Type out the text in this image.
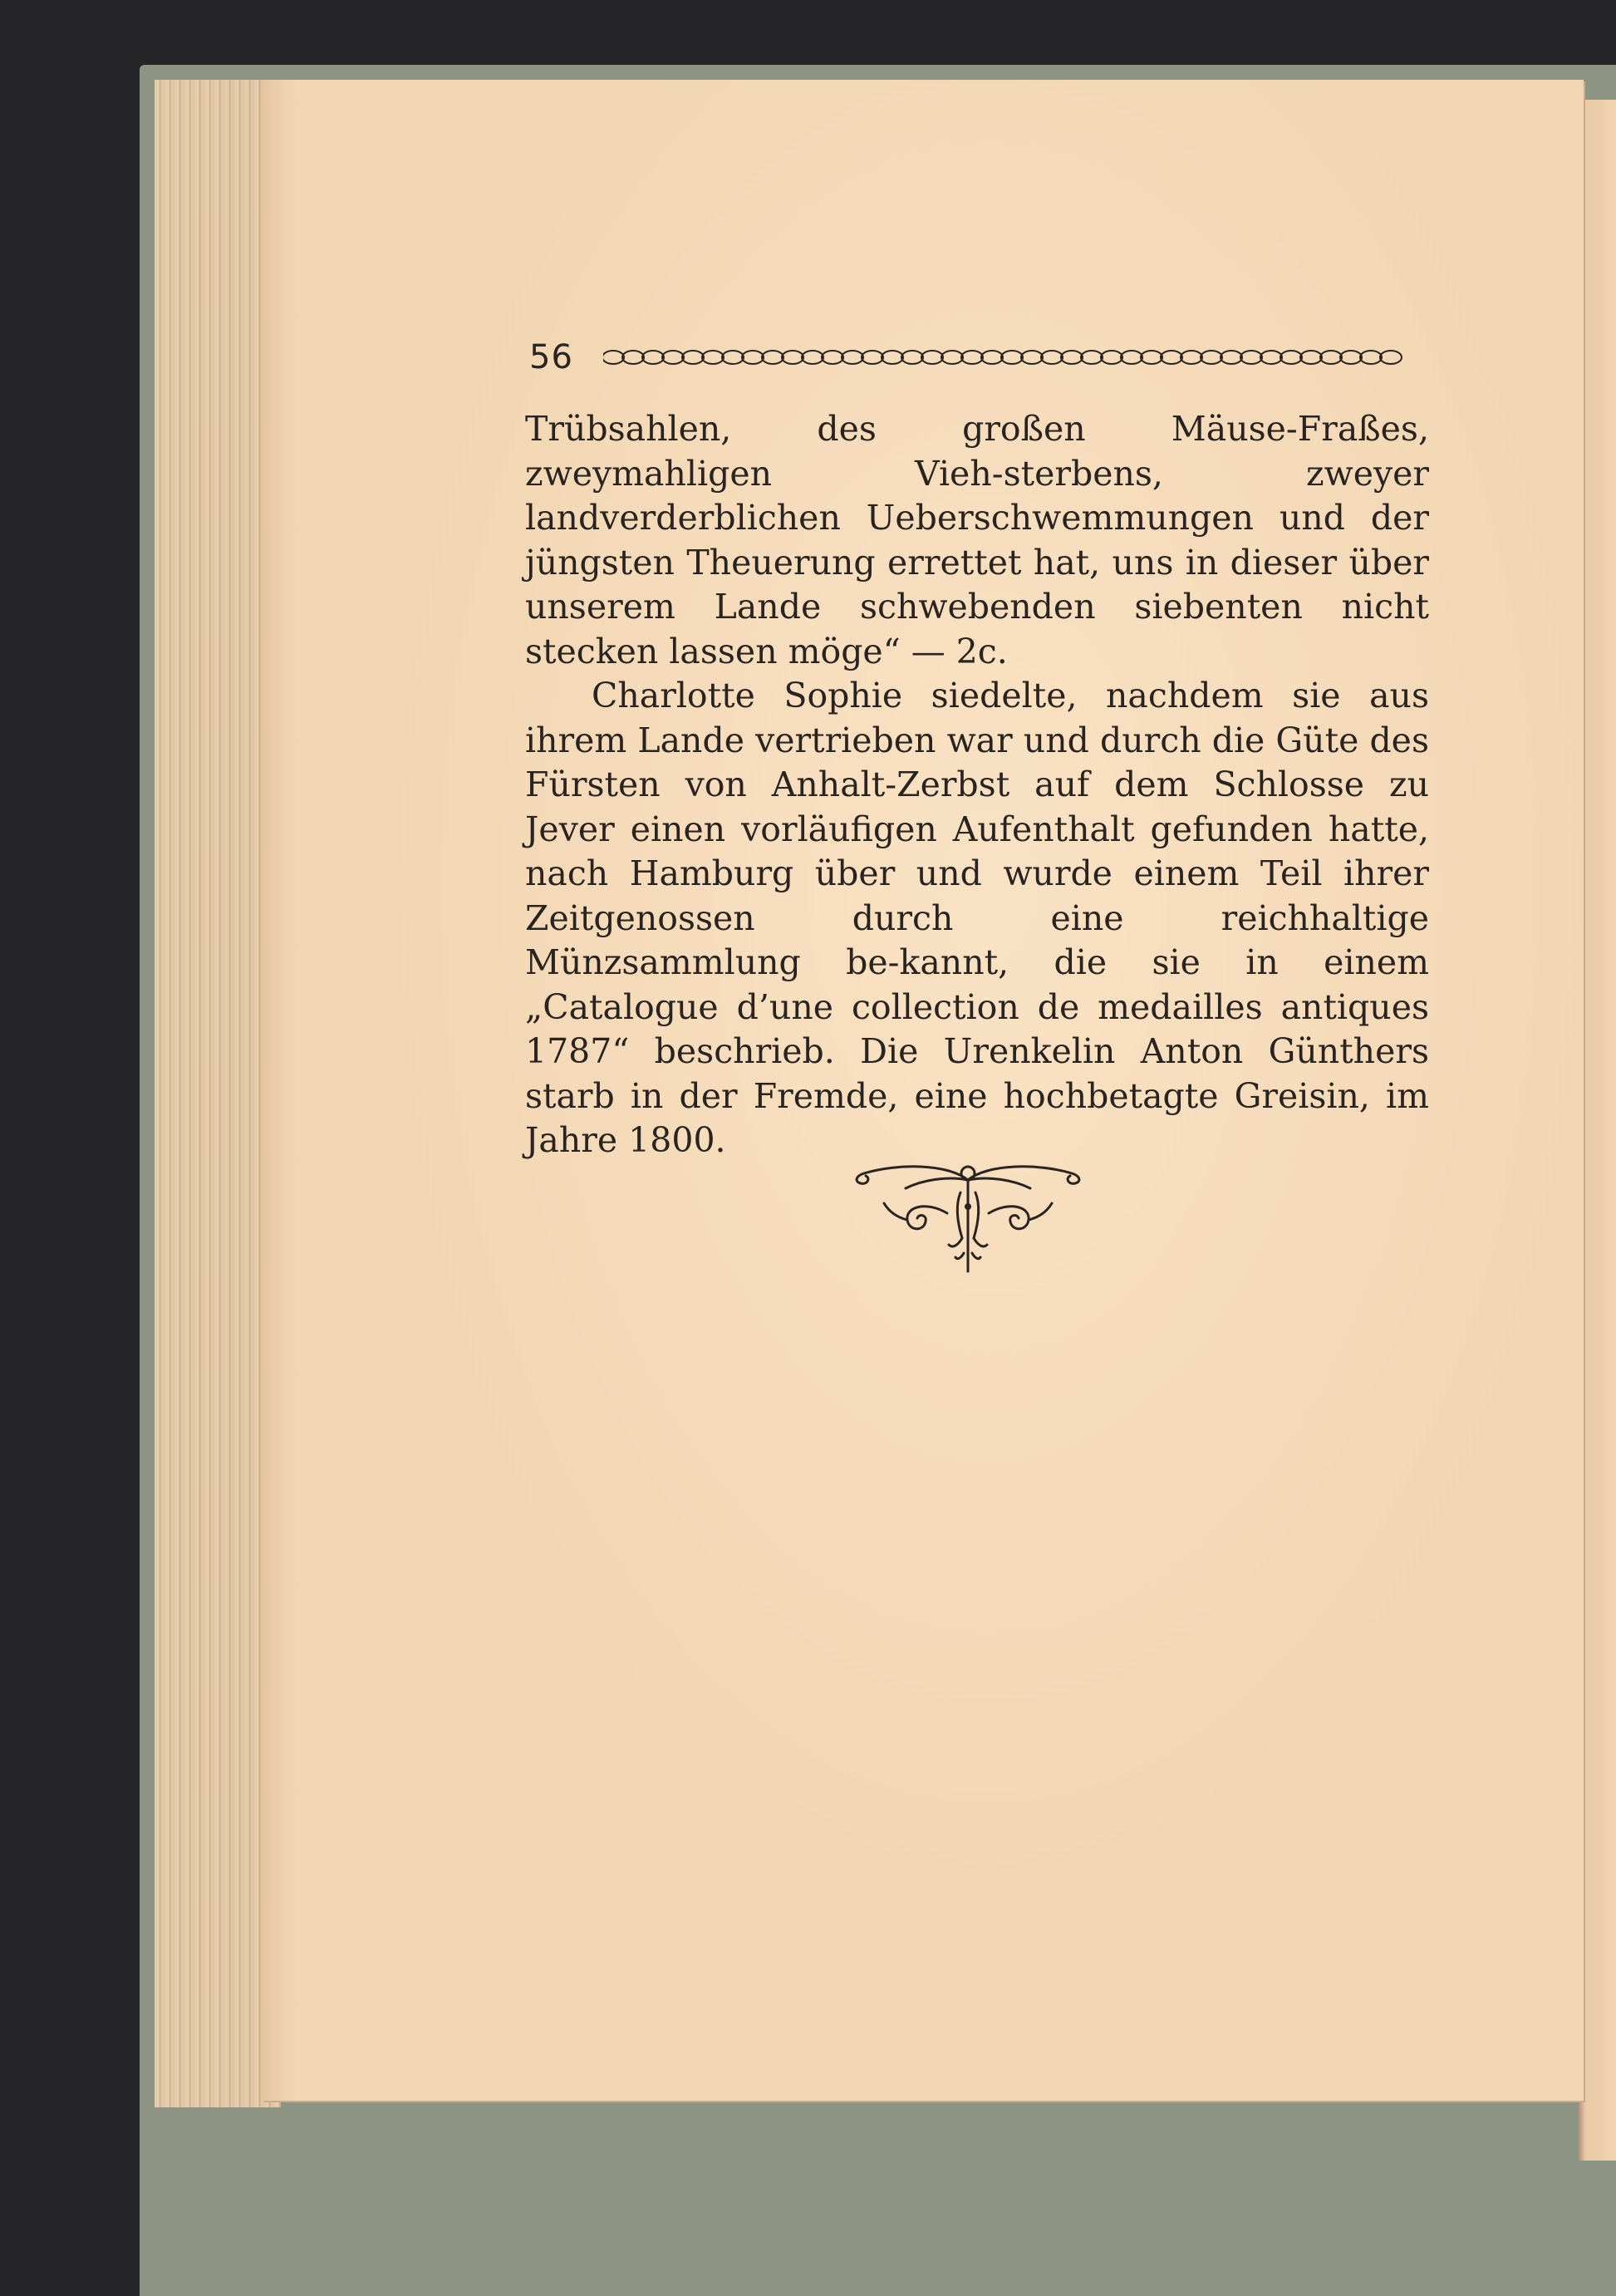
56

Trübsahlen, des großen Mäuse-Fraßes, zweymahligen Vieh-sterbens, zweyer landverderblichen Ueberschwemmungen und der jüngsten Theuerung errettet hat, uns in dieser über unserem Lande schwebenden siebenten nicht stecken lassen möge“ — 2c.

Charlotte Sophie siedelte, nachdem sie aus ihrem Lande vertrieben war und durch die Güte des Fürsten von Anhalt-Zerbst auf dem Schlosse zu Jever einen vorläufigen Aufenthalt gefunden hatte, nach Hamburg über und wurde einem Teil ihrer Zeitgenossen durch eine reichhaltige Münzsammlung be-kannt, die sie in einem „Catalogue d’une collection de medailles antiques 1787“ beschrieb. Die Urenkelin Anton Günthers starb in der Fremde, eine hochbetagte Greisin, im Jahre 1800.
